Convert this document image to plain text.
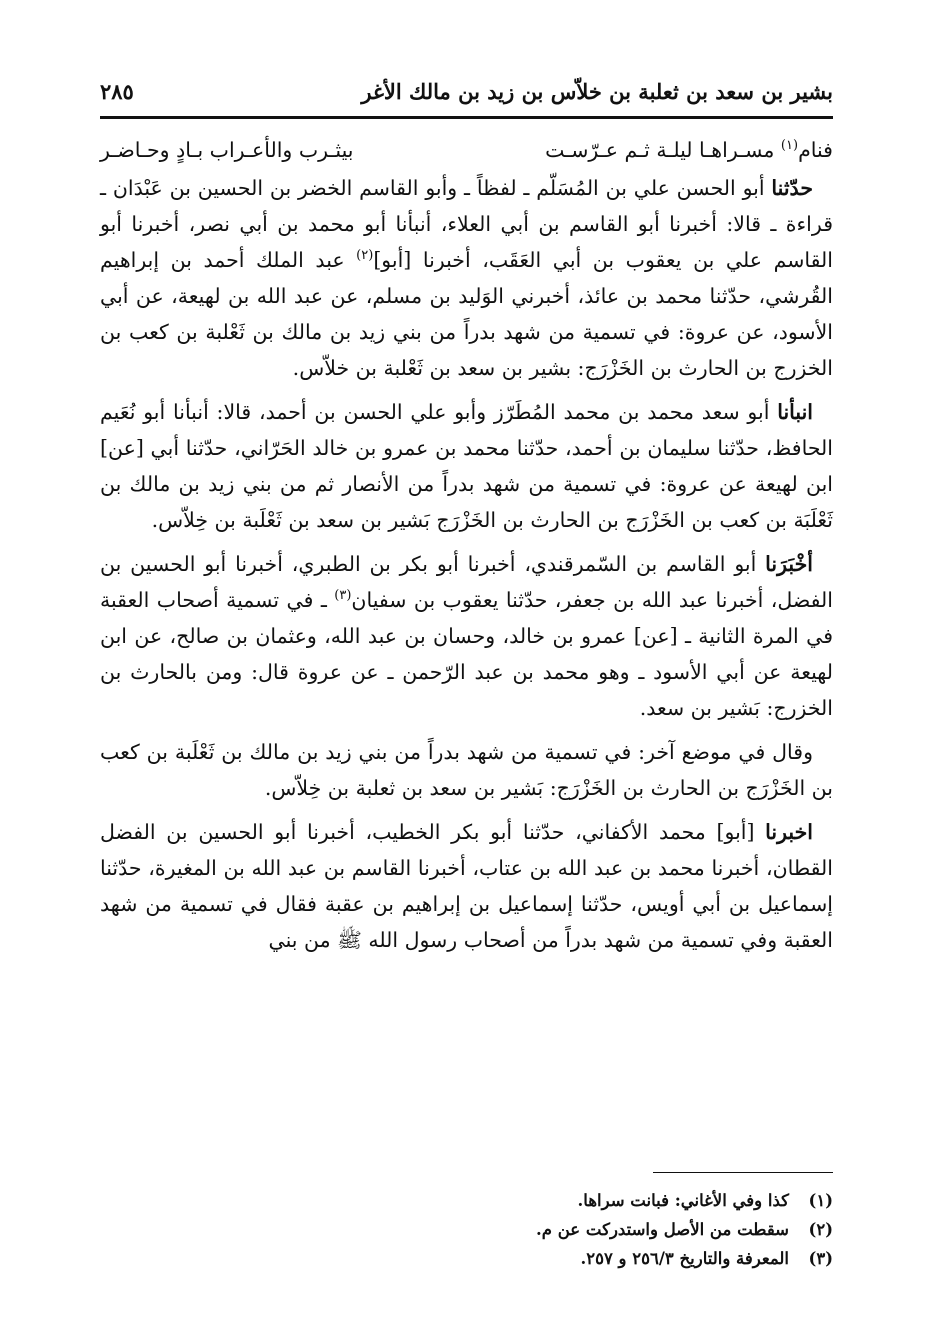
بشير بن سعد بن ثعلبة بن خلاّس بن زيد بن مالك الأغر
٢٨٥
فنام$^{(١)}$ مسـراهـا ليلـة ثـم عـرّسـت
بيثـرب والأعـراب بـادٍ وحـاضـر

حدّثنا أبو الحسن علي بن المُسَلّم ـ لفظاً ـ وأبو القاسم الخضر بن الحسين بن عَبْدَان ـ قراءة ـ قالا: أخبرنا أبو القاسم بن أبي العلاء، أنبأنا أبو محمد بن أبي نصر، أخبرنا أبو القاسم علي بن يعقوب بن أبي العَقَب، أخبرنا [أبو]$^{(٢)}$ عبد الملك أحمد بن إبراهيم القُرشي، حدّثنا محمد بن عائذ، أخبرني الوَليد بن مسلم، عن عبد الله بن لهيعة، عن أبي الأسود، عن عروة: في تسمية من شهد بدراً من بني زيد بن مالك بن ثَعْلبة بن كعب بن الخزرج بن الحارث بن الخَزْرَج: بشير بن سعد بن ثَعْلبة بن خلاّس.

انبأنا أبو سعد محمد بن محمد المُطَرّز وأبو علي الحسن بن أحمد، قالا: أنبأنا أبو نُعَيم الحافظ، حدّثنا سليمان بن أحمد، حدّثنا محمد بن عمرو بن خالد الحَرّاني، حدّثنا أبي [عن] ابن لهيعة عن عروة: في تسمية من شهد بدراً من الأنصار ثم من بني زيد بن مالك بن ثَعْلَبَة بن كعب بن الخَزْرَج بن الحارث بن الخَزْرَج بَشير بن سعد بن ثَعْلَبة بن خِلاّس.

أخْبَرَنا أبو القاسم بن السّمرقندي، أخبرنا أبو بكر بن الطبري، أخبرنا أبو الحسين بن الفضل، أخبرنا عبد الله بن جعفر، حدّثنا يعقوب بن سفيان$^{(٣)}$ ـ في تسمية أصحاب العقبة في المرة الثانية ـ [عن] عمرو بن خالد، وحسان بن عبد الله، وعثمان بن صالح، عن ابن لهيعة عن أبي الأسود ـ وهو محمد بن عبد الرّحمن ـ عن عروة قال: ومن بالحارث بن الخزرج: بَشير بن سعد.

وقال في موضع آخر: في تسمية من شهد بدراً من بني زيد بن مالك بن ثَعْلَبة بن كعب بن الخَزْرَج بن الحارث بن الخَزْرَج: بَشير بن سعد بن ثعلبة بن خِلاّس.

اخبرنا [أبو] محمد الأكفاني، حدّثنا أبو بكر الخطيب، أخبرنا أبو الحسين بن الفضل القطان، أخبرنا محمد بن عبد الله بن عتاب، أخبرنا القاسم بن عبد الله بن المغيرة، حدّثنا إسماعيل بن أبي أويس، حدّثنا إسماعيل بن إبراهيم بن عقبة فقال في تسمية من شهد العقبة وفي تسمية من شهد بدراً من أصحاب رسول الله ﷺ من بني

(١)
كذا وفي الأغاني: فبانت سراها.
(٢)
سقطت من الأصل واستدركت عن م.
(٣)
المعرفة والتاريخ ٢٥٦/٣ و ٢٥٧.
